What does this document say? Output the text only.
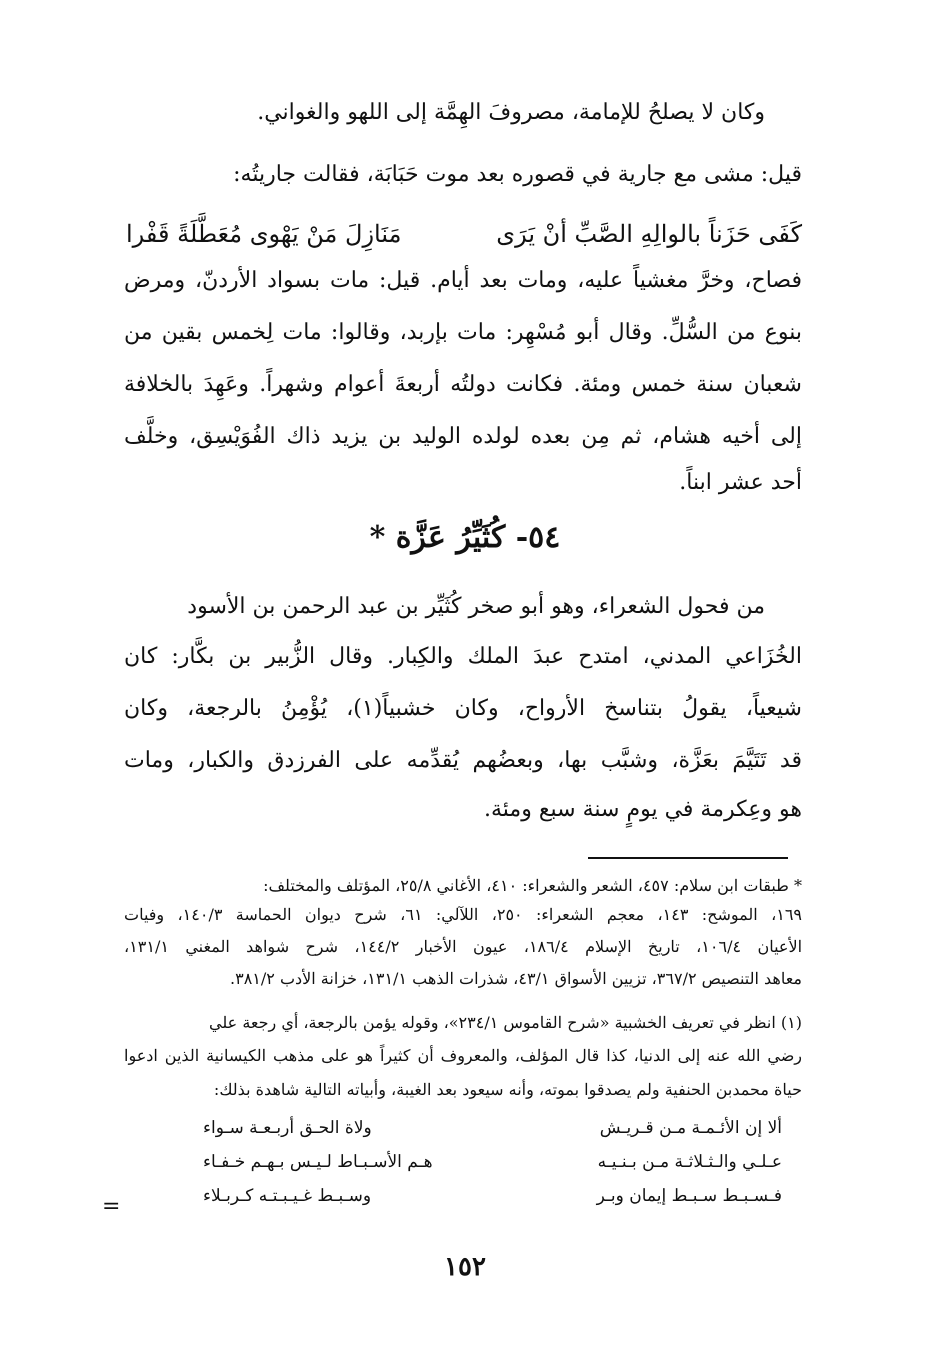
وكان لا يصلحُ للإمامة، مصروفَ الهِمَّة إلى اللهو والغواني.
قيل: مشى مع جارية في قصوره بعد موت حَبَابَة، فقالت جاريتُه:
كَفَى حَزَناً بالوالِهِ الصَّبِّ أنْ يَرَى
مَنَازِلَ مَنْ يَهْوى مُعَطَّلَةً قَفْرا
فصاح، وخرَّ مغشياً عليه، ومات بعد أيام. قيل: مات بسواد الأردنّ، ومرض
بنوع من السُّلِّ. وقال أبو مُسْهِر: مات بإربد، وقالوا: مات لِخمس بقين من
شعبان سنة خمس ومئة. فكانت دولتُه أربعةَ أعوام وشهراً. وعَهِدَ بالخلافة
إلى أخيه هشام، ثم مِن بعده لولده الوليد بن يزيد ذاك الفُوَيْسِق، وخلَّف
أحد عشر ابناً.
٥٤- كُثَيِّرُ عَزَّة *
من فحول الشعراء، وهو أبو صخر كُثَيِّر بن عبد الرحمن بن الأسود
الخُزَاعي المدني، امتدح عبدَ الملك والكِبار. وقال الزُّبير بن بكَّار: كان
شيعياً، يقولُ بتناسخ الأرواح، وكان خشبياً(١)، يُؤْمِنُ بالرجعة، وكان
قد تَتَيَّمَ بعَزَّة، وشبَّب بها، وبعضُهم يُقدِّمه على الفرزدق والكبار، ومات
هو وعِكرمة في يومٍ سنة سبع ومئة.
* طبقات ابن سلام: ٤٥٧، الشعر والشعراء: ٤١٠، الأغاني ٢٥/٨، المؤتلف والمختلف:
١٦٩، الموشح: ١٤٣، معجم الشعراء: ٢٥٠، اللآلي: ٦١، شرح ديوان الحماسة ١٤٠/٣، وفيات
الأعيان ١٠٦/٤، تاريخ الإسلام ١٨٦/٤، عيون الأخبار ١٤٤/٢، شرح شواهد المغني ١٣١/١،
معاهد التنصيص ٣٦٧/٢، تزيين الأسواق ٤٣/١، شذرات الذهب ١٣١/١، خزانة الأدب ٣٨١/٢.
(١) انظر في تعريف الخشبية «شرح القاموس ٢٣٤/١»، وقوله يؤمن بالرجعة، أي رجعة علي
رضي الله عنه إلى الدنيا، كذا قال المؤلف، والمعروف أن كثيراً هو على مذهب الكيسانية الذين ادعوا
حياة محمدبن الحنفية ولم يصدقوا بموته، وأنه سيعود بعد الغيبة، وأبياته التالية شاهدة بذلك:
ألا إن الأئـمـة مـن قـريـش
ولاة الحـق أربـعـة سـواء
عـلـي والـثـلاثـة مـن بـنـيـه
هـم الأسـبـاط لـيـس بـهـم خـفـاء
فـسـبـط سـبـط إيمان وبـر
وسـبـط غـيـبـتـه كـربـلاء
=
١٥٢
